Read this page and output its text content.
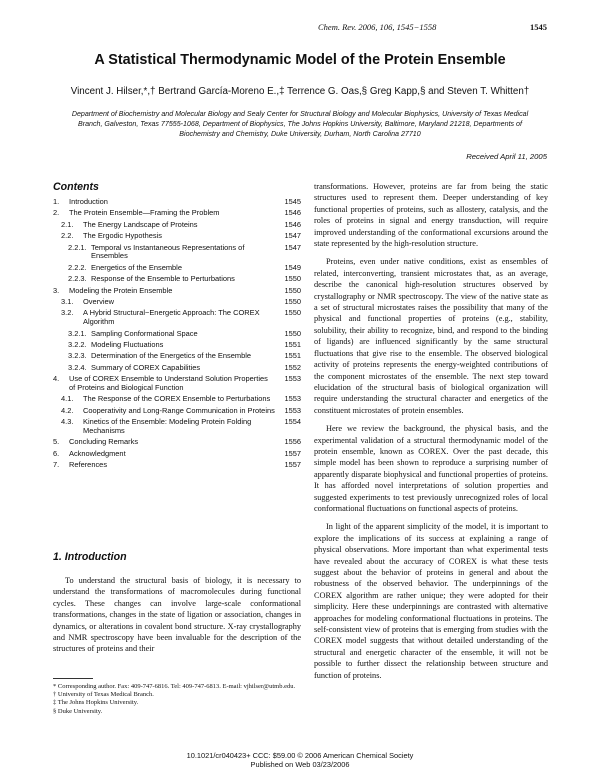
Chem. Rev. 2006, 106, 1545−1558	1545
A Statistical Thermodynamic Model of the Protein Ensemble
Vincent J. Hilser,*,† Bertrand García-Moreno E.,‡ Terrence G. Oas,§ Greg Kapp,§ and Steven T. Whitten†
Department of Biochemistry and Molecular Biology and Sealy Center for Structural Biology and Molecular Biophysics, University of Texas Medical Branch, Galveston, Texas 77555-1068, Department of Biophysics, The Johns Hopkins University, Baltimore, Maryland 21218, Departments of Biochemistry and Chemistry, Duke University, Durham, North Carolina 27710
Received April 11, 2005
Contents
1.	Introduction	1545
2.	The Protein Ensemble—Framing the Problem	1546
2.1.	The Energy Landscape of Proteins	1546
2.2.	The Ergodic Hypothesis	1547
2.2.1. Temporal vs Instantaneous Representations of Ensembles
1547
2.2.2. Energetics of the Ensemble	1549
2.2.3. Response of the Ensemble to Perturbations	1550
3.	Modeling the Protein Ensemble	1550
3.1.	Overview	1550
3.2.	A Hybrid Structural−Energetic Approach: The COREX Algorithm
1550
3.2.1. Sampling Conformational Space	1550
3.2.2. Modeling Fluctuations	1551
3.2.3. Determination of the Energetics of the Ensemble	1551
3.2.4. Summary of COREX Capabilities	1552
4.	Use of COREX Ensemble to Understand Solution Properties of Proteins and Biological Function
1553
4.1.	The Response of the COREX Ensemble to Perturbations	1553
4.2.	Cooperativity and Long-Range Communication in Proteins	1553
4.3.	Kinetics of the Ensemble: Modeling Protein Folding Mechanisms
1554
5.	Concluding Remarks	1556
6.	Acknowledgment	1557
7.	References	1557
1. Introduction

To understand the structural basis of biology, it is necessary to understand the transformations of macromolecules during functional cycles. These changes can involve large-scale conformational transformations, changes in the state of ligation or association, changes in dynamics, or alterations in covalent bond structure. X-ray crystallography and NMR spectroscopy have been invaluable for the description of the structures of proteins and their

* Corresponding author. Fax: 409-747-6816. Tel: 409-747-6813. E-mail: vjhilser@utmb.edu.
† University of Texas Medical Branch.
‡ The Johns Hopkins University.
§ Duke University.

transformations. However, proteins are far from being the static structures used to represent them. Deeper understanding of key functional properties of proteins, such as allostery, catalysis, and the roles of proteins in signal and energy transduction, will require improved understanding of the conformational excursions around the state represented by the high-resolution structure.

Proteins, even under native conditions, exist as ensembles of related, interconverting, transient microstates that, as an average, describe the canonical high-resolution structures observed by crystallography or NMR spectroscopy. The view of the native state as a set of structural microstates raises the possibility that many of the physical and functional properties of proteins (e.g., stability, solubility, their ability to recognize, bind, and respond to the binding of ligands) are influenced significantly by the same structural fluctuations that give rise to the ensemble. The observed biological activity of proteins represents the energy-weighted contributions of the component microstates of the ensemble. The next step toward elucidation of the structural basis of biological organization will require understanding the structural character and energetics of the constituent microstates of protein ensembles.

Here we review the background, the physical basis, and the experimental validation of a structural thermodynamic model of the protein ensemble, known as COREX. Over the past decade, this simple model has been shown to reproduce a surprising number of apparently disparate biophysical and functional properties of proteins. It has afforded novel interpretations of solution properties and suggested experiments to test previously unrecognized roles of local conformational fluctuations on functional aspects of proteins.

In light of the apparent simplicity of the model, it is important to explore the implications of its success at explaining a range of physical observations. More important than what experimental tests have revealed about the accuracy of COREX is what these tests suggest about the behavior of proteins in general and about the robustness of the observed behavior. The underpinnings of the COREX algorithm are rather unique; they were adopted for their simplicity. Here these underpinnings are contrasted with alternative approaches for modeling conformational fluctuations in proteins. The self-consistent view of proteins that is emerging from studies with the COREX model suggests that without detailed understanding of the structural and energetic character of the ensemble, it will not be possible to further dissect the relationship between structure and function of proteins.

10.1021/cr040423+ CCC: $59.00 © 2006 American Chemical Society
Published on Web 03/23/2006
